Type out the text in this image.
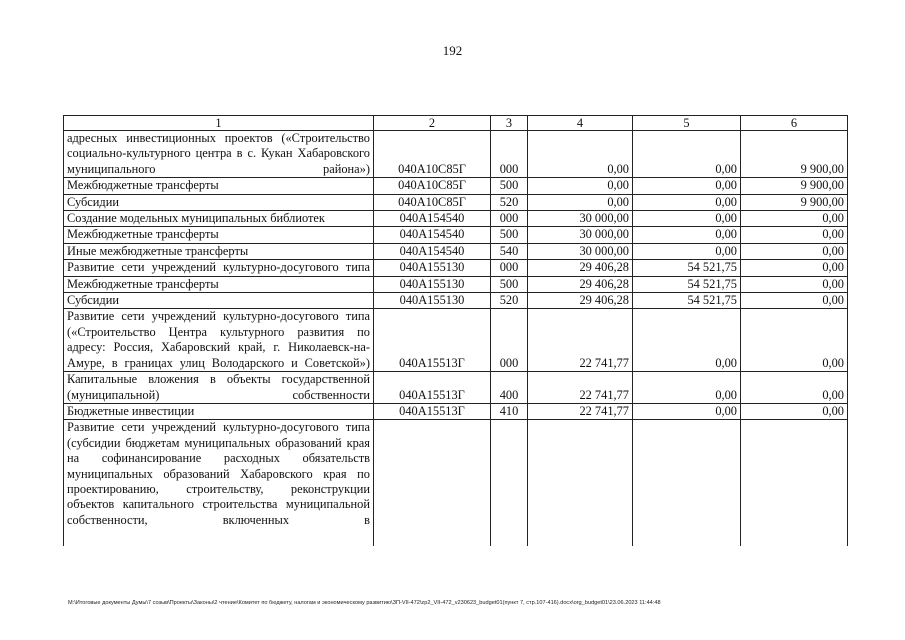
192
1	2	3	4	5	6
адресных инвестиционных проектов («Строительство социально-культурного центра в с. Кукан Хабаровского муниципального района»)	040А10С85Г	000	0,00	0,00	9 900,00
Межбюджетные трансферты	040А10С85Г	500	0,00	0,00	9 900,00
Субсидии	040А10С85Г	520	0,00	0,00	9 900,00
Создание модельных муниципальных библиотек	040А154540	000	30 000,00	0,00	0,00
Межбюджетные трансферты	040А154540	500	30 000,00	0,00	0,00
Иные межбюджетные трансферты	040А154540	540	30 000,00	0,00	0,00
Развитие сети учреждений культурно-досугового типа	040А155130	000	29 406,28	54 521,75	0,00
Межбюджетные трансферты	040А155130	500	29 406,28	54 521,75	0,00
Субсидии	040А155130	520	29 406,28	54 521,75	0,00
Развитие сети учреждений культурно-досугового типа («Строительство Центра культурного развития по адресу: Россия, Хабаровский край, г. Николаевск-на-Амуре, в границах улиц Володарского и Советской»)	040А15513Г	000	22 741,77	0,00	0,00
Капитальные вложения в объекты государственной (муниципальной) собственности	040А15513Г	400	22 741,77	0,00	0,00
Бюджетные инвестиции	040А15513Г	410	22 741,77	0,00	0,00
Развитие сети учреждений культурно-досугового типа (субсидии бюджетам муниципальных образований края на софинансирование расходных обязательств муниципальных образований Хабаровского края по проектированию, строительству, реконструкции объектов капитального строительства муниципальной собственности, включенных в					
M:\Итоговые документы Думы\7 созыв\Проекты\Законы\2 чтение\Комитет по бюджету, налогам и экономическому развитию\ЗП-VII-472\zp2_VII-472_v230623_budget01(пункт 7, стр.107-416).docx\org_budget01\23.06.2023 11:44:48
